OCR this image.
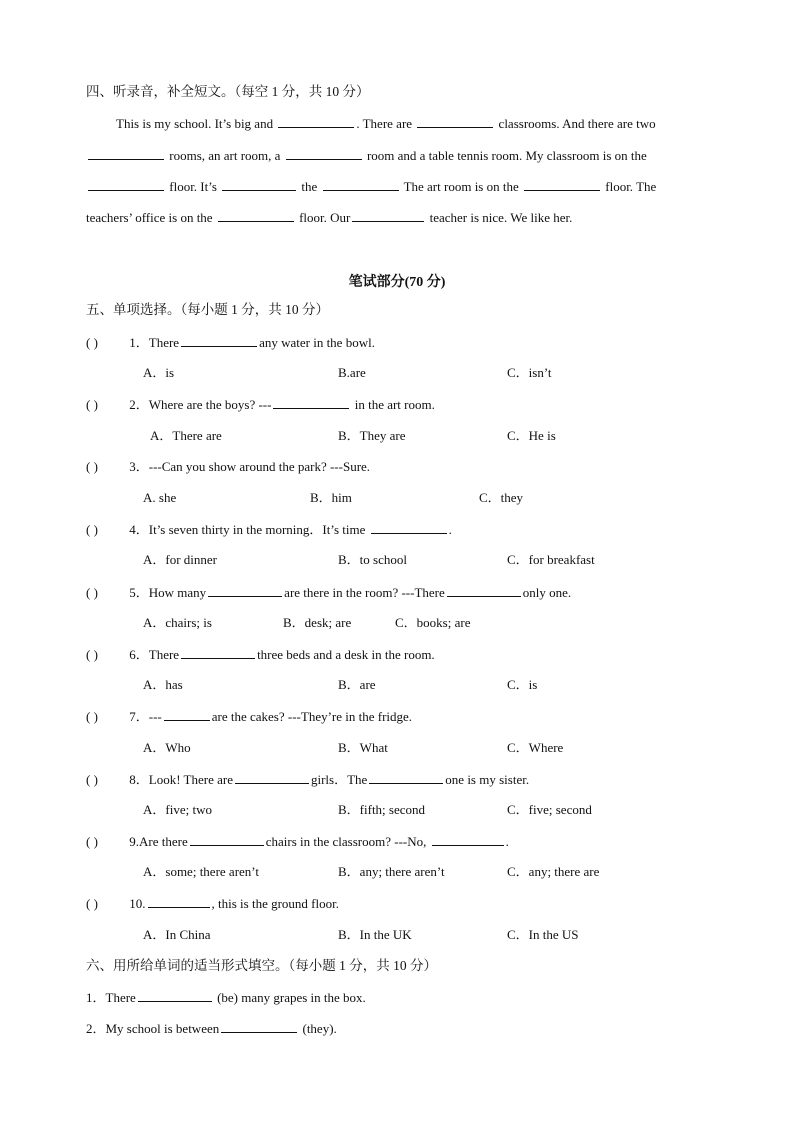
四、听录音，补全短文。（每空 1 分，共 10 分）
This is my school. It’s big and	. There are	classrooms. And there are two
rooms, an art room, a	room and a table tennis room. My classroom is on the
floor. It’s	the	The art room is on the	floor. The
teachers’ office is on the	floor. Our	teacher is nice. We like her.
笔试部分(70 分)
五、单项选择。（每小题 1 分，共 10 分）
( ) 1．There	any water in the bowl.
A．is	B.are	C．isn’t
( ) 2．Where are the boys? ---	in the art room.
A．There are	B．They are	C．He is
( ) 3．---Can you show around the park? ---Sure.
A. she	B．him	C．they
( ) 4．It’s seven thirty in the morning．It’s time	.
A．for dinner	B．to school	C．for breakfast
( ) 5．How many	are there in the room? ---There	only one.
A．chairs; is	B．desk; are	C．books; are
( ) 6．There	three beds and a desk in the room.
A．has	B．are	C．is
( ) 7．---	are the cakes? ---They’re in the fridge.
A．Who	B．What	C．Where
( ) 8．Look! There are	girls．The	one is my sister.
A．five; two	B．fifth; second	C．five; second
( ) 9.Are there	chairs in the classroom? ---No,	.
A．some; there aren’t	B．any; there aren’t	C．any; there are
( ) 10.	, this is the ground floor.
A．In China	B．In the UK	C．In the US
六、用所给单词的适当形式填空。（每小题 1 分，共 10 分）
1．There	(be) many grapes in the box.
2．My school is between	(they).
